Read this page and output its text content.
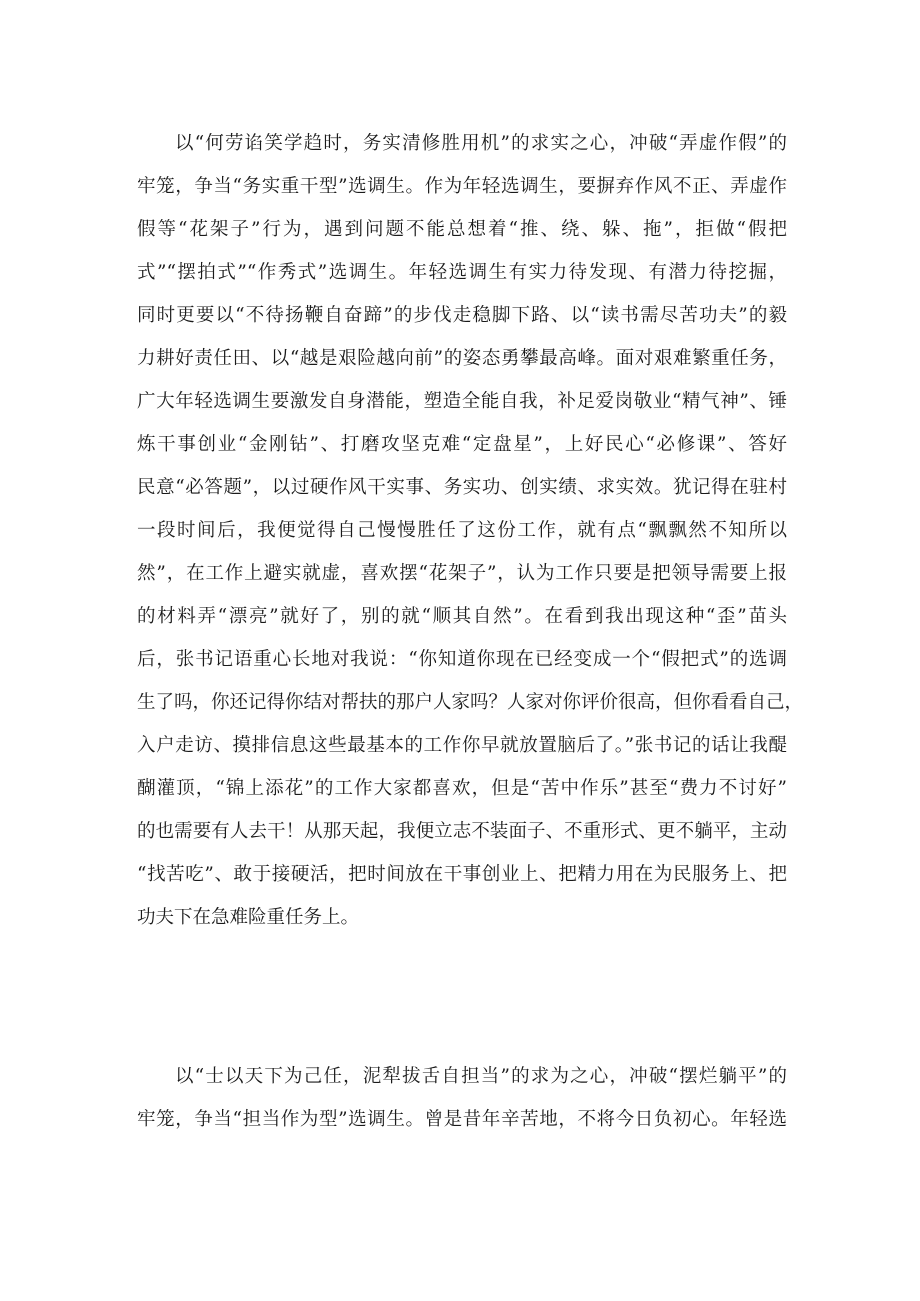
以“何劳谄笑学趋时，务实清修胜用机”的求实之心，冲破“弄虚作假”的
牢笼，争当“务实重干型”选调生。作为年轻选调生，要摒弃作风不正、弄虚作
假等“花架子”行为，遇到问题不能总想着“推、绕、躲、拖”，拒做“假把
式”“摆拍式”“作秀式”选调生。年轻选调生有实力待发现、有潜力待挖掘，
同时更要以“不待扬鞭自奋蹄”的步伐走稳脚下路、以“读书需尽苦功夫”的毅
力耕好责任田、以“越是艰险越向前”的姿态勇攀最高峰。面对艰难繁重任务，
广大年轻选调生要激发自身潜能，塑造全能自我，补足爱岗敬业“精气神”、锤
炼干事创业“金刚钻”、打磨攻坚克难“定盘星”，上好民心“必修课”、答好
民意“必答题”，以过硬作风干实事、务实功、创实绩、求实效。犹记得在驻村
一段时间后，我便觉得自己慢慢胜任了这份工作，就有点“飘飘然不知所以
然”，在工作上避实就虚，喜欢摆“花架子”，认为工作只要是把领导需要上报
的材料弄“漂亮”就好了，别的就“顺其自然”。在看到我出现这种“歪”苗头
后，张书记语重心长地对我说：“你知道你现在已经变成一个“假把式”的选调
生了吗，你还记得你结对帮扶的那户人家吗？人家对你评价很高，但你看看自己，
入户走访、摸排信息这些最基本的工作你早就放置脑后了。”张书记的话让我醍
醐灌顶，“锦上添花”的工作大家都喜欢，但是“苦中作乐”甚至“费力不讨好”
的也需要有人去干！从那天起，我便立志不装面子、不重形式、更不躺平，主动
“找苦吃”、敢于接硬活，把时间放在干事创业上、把精力用在为民服务上、把
功夫下在急难险重任务上。
以“士以天下为己任，泥犁拔舌自担当”的求为之心，冲破“摆烂躺平”的
牢笼，争当“担当作为型”选调生。曾是昔年辛苦地，不将今日负初心。年轻选
